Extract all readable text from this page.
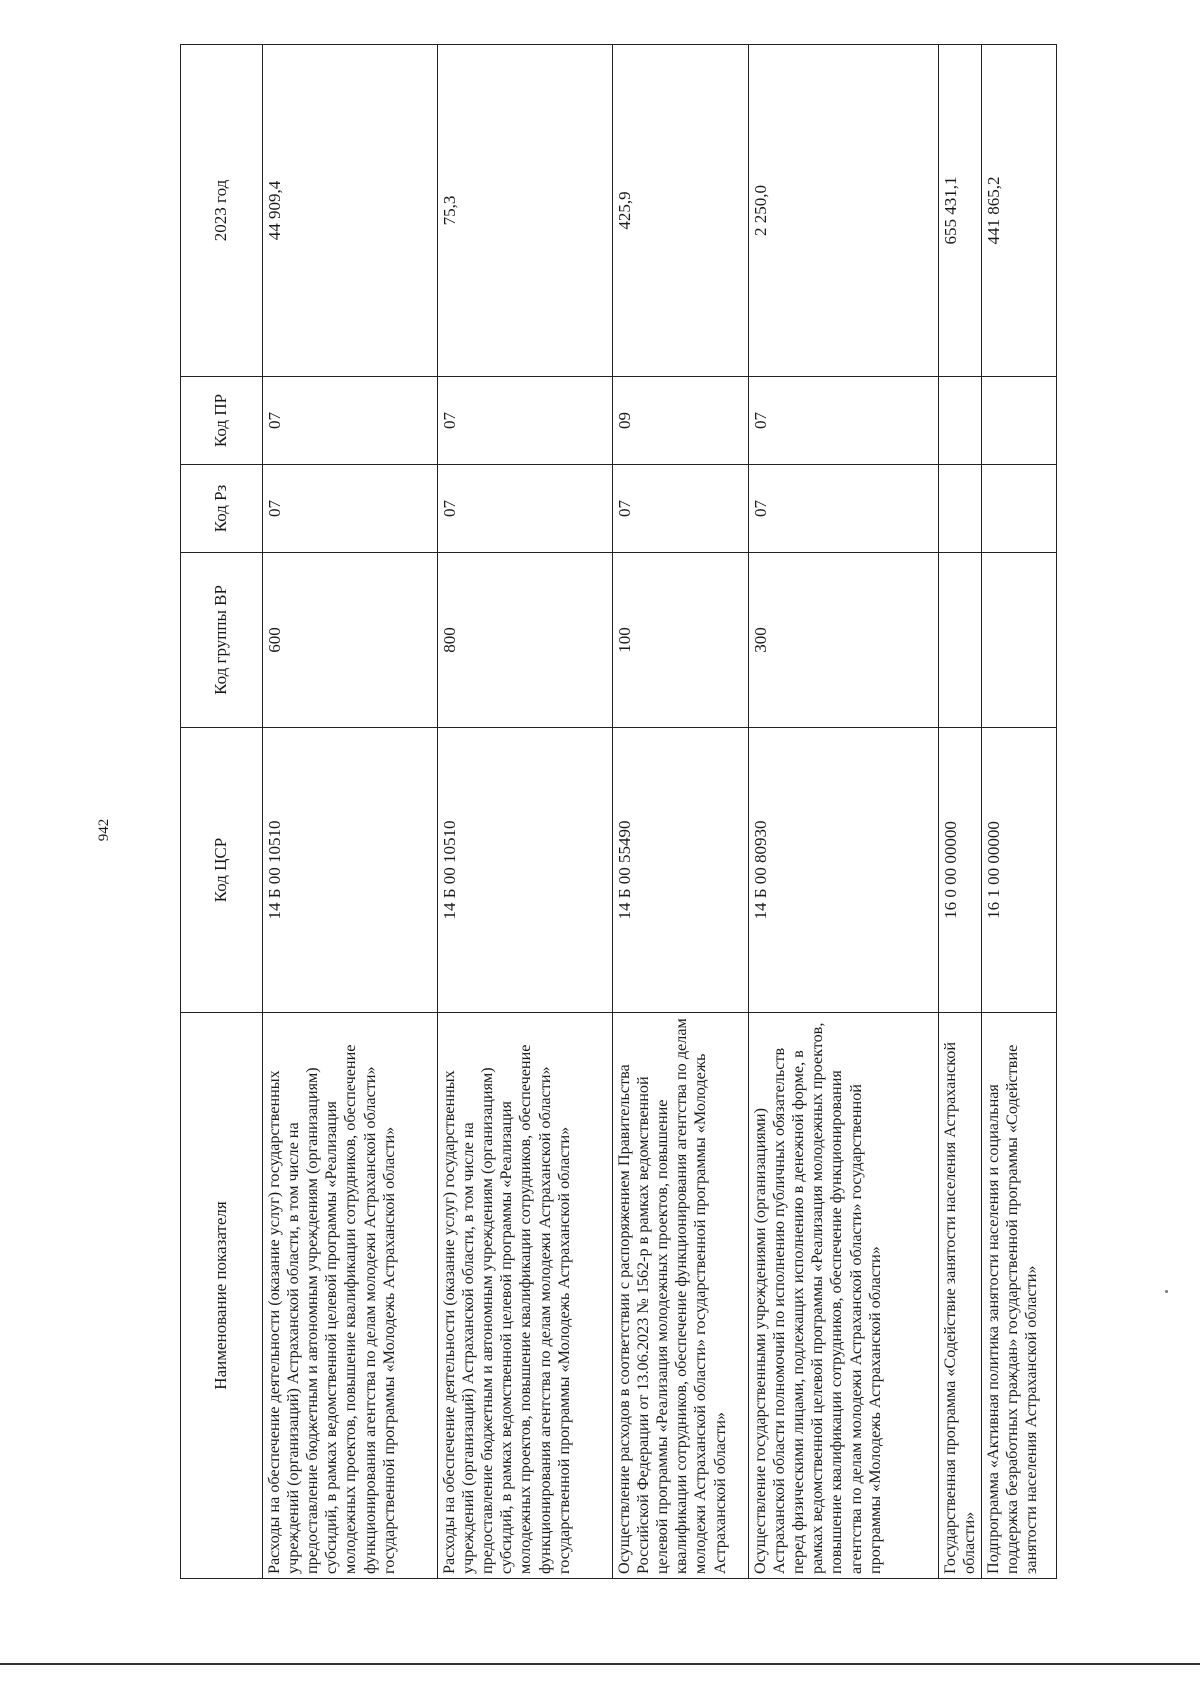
942
Наименование показателя	Код ЦСР	Код группы ВР	Код Рз	Код ПР	2023 год
Расходы на обеспечение деятельности (оказание услуг) государственных учреждений (организаций) Астраханской области, в том числе на предоставление бюджетным и автономным учреждениям (организациям) субсидий, в рамках ведомственной целевой программы «Реализация молодежных проектов, повышение квалификации сотрудников, обеспечение функционирования агентства по делам молодежи Астраханской области» государственной программы «Молодежь Астраханской области»	14 Б 00 10510	600	07	07	44 909,4
Расходы на обеспечение деятельности (оказание услуг) государственных учреждений (организаций) Астраханской области, в том числе на предоставление бюджетным и автономным учреждениям (организациям) субсидий, в рамках ведомственной целевой программы «Реализация молодежных проектов, повышение квалификации сотрудников, обеспечение функционирования агентства по делам молодежи Астраханской области» государственной программы «Молодежь Астраханской области»	14 Б 00 10510	800	07	07	75,3
Осуществление расходов в соответствии с распоряжением Правительства Российской Федерации от 13.06.2023 № 1562-р в рамках ведомственной целевой программы «Реализация молодежных проектов, повышение квалификации сотрудников, обеспечение функционирования агентства по делам молодежи Астраханской области» государственной программы «Молодежь Астраханской области»	14 Б 00 55490	100	07	09	425,9
Осуществление государственными учреждениями (организациями) Астраханской области полномочий по исполнению публичных обязательств перед физическими лицами, подлежащих исполнению в денежной форме, в рамках ведомственной целевой программы «Реализация молодежных проектов, повышение квалификации сотрудников, обеспечение функционирования агентства по делам молодежи Астраханской области» государственной программы «Молодежь Астраханской области»	14 Б 00 80930	300	07	07	2 250,0
Государственная программа «Содействие занятости населения Астраханской области»	16 0 00 00000				655 431,1
Подпрограмма «Активная политика занятости населения и социальная поддержка безработных граждан» государственной программы «Содействие занятости населения Астраханской области»	16 1 00 00000				441 865,2
